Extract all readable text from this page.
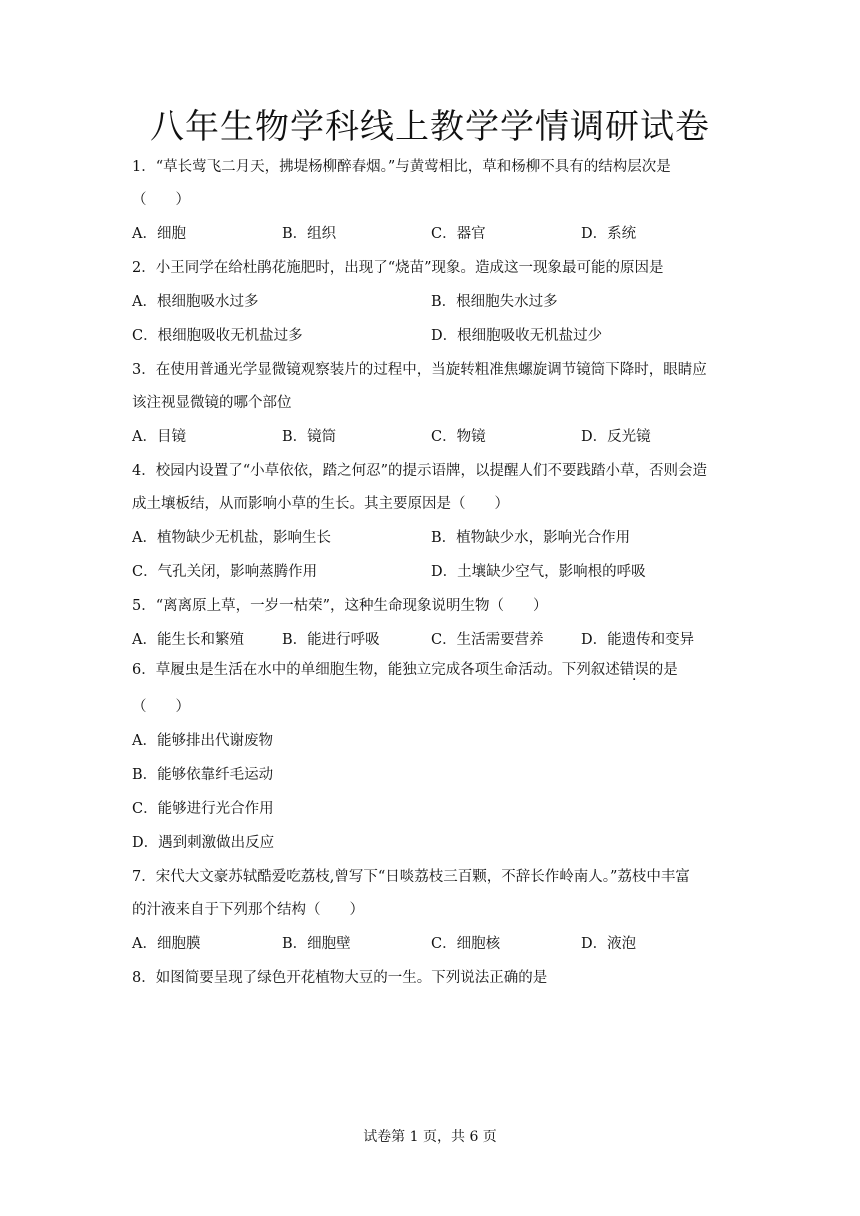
八年生物学科线上教学学情调研试卷
1．“草长莺飞二月天，拂堤杨柳醉春烟。”与黄莺相比，草和杨柳不具有的结构层次是
（　　）
A．细胞	B．组织	C．器官	D．系统
2．小王同学在给杜鹃花施肥时，出现了“烧苗”现象。造成这一现象最可能的原因是
A．根细胞吸水过多	B．根细胞失水过多
C．根细胞吸收无机盐过多	D．根细胞吸收无机盐过少
3．在使用普通光学显微镜观察装片的过程中，当旋转粗准焦螺旋调节镜筒下降时，眼睛应
该注视显微镜的哪个部位
A．目镜	B．镜筒	C．物镜	D．反光镜
4．校园内设置了“小草依依，踏之何忍”的提示语牌，以提醒人们不要践踏小草，否则会造
成土壤板结，从而影响小草的生长。其主要原因是（　　）
A．植物缺少无机盐，影响生长	B．植物缺少水，影响光合作用
C．气孔关闭，影响蒸腾作用	D．土壤缺少空气，影响根的呼吸
5．“离离原上草，一岁一枯荣”，这种生命现象说明生物（　　）
A．能生长和繁殖	B．能进行呼吸	C．生活需要营养	D．能遗传和变异
6．草履虫是生活在水中的单细胞生物，能独立完成各项生命活动。下列叙述错误的是
（　　）
A．能够排出代谢废物
B．能够依靠纤毛运动
C．能够进行光合作用
D．遇到刺激做出反应
7．宋代大文豪苏轼酷爱吃荔枝,曾写下“日啖荔枝三百颗，不辞长作岭南人。”荔枝中丰富
的汁液来自于下列那个结构（　　）
A．细胞膜	B．细胞壁	C．细胞核	D．液泡
8．如图简要呈现了绿色开花植物大豆的一生。下列说法正确的是
试卷第 1 页，共 6 页
